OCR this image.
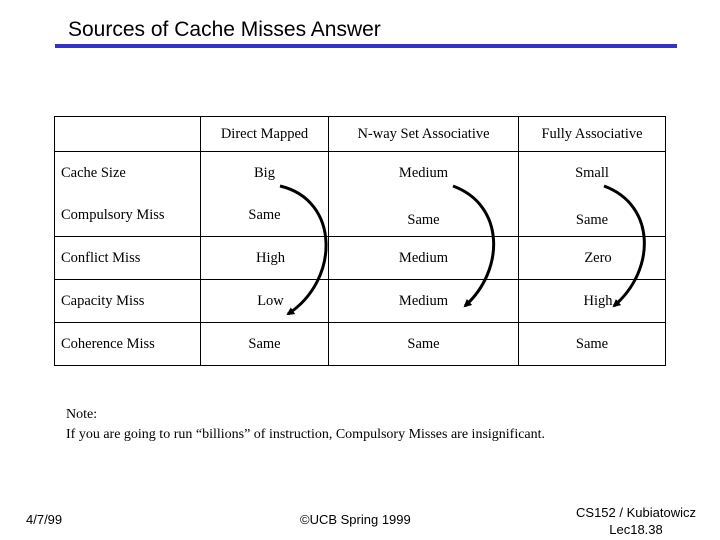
Sources of Cache Misses Answer
	Direct Mapped	N-way Set Associative	Fully Associative
Cache Size	Big	Medium	Small
Compulsory Miss	Same	Same	Same
Conflict Miss	High	Medium	Zero
Capacity Miss	Low	Medium	High
Coherence Miss	Same	Same	Same
Note:
If you are going to run “billions” of instruction, Compulsory Misses are insignificant.
4/7/99	©UCB Spring 1999	CS152 / Kubiatowicz
Lec18.38
